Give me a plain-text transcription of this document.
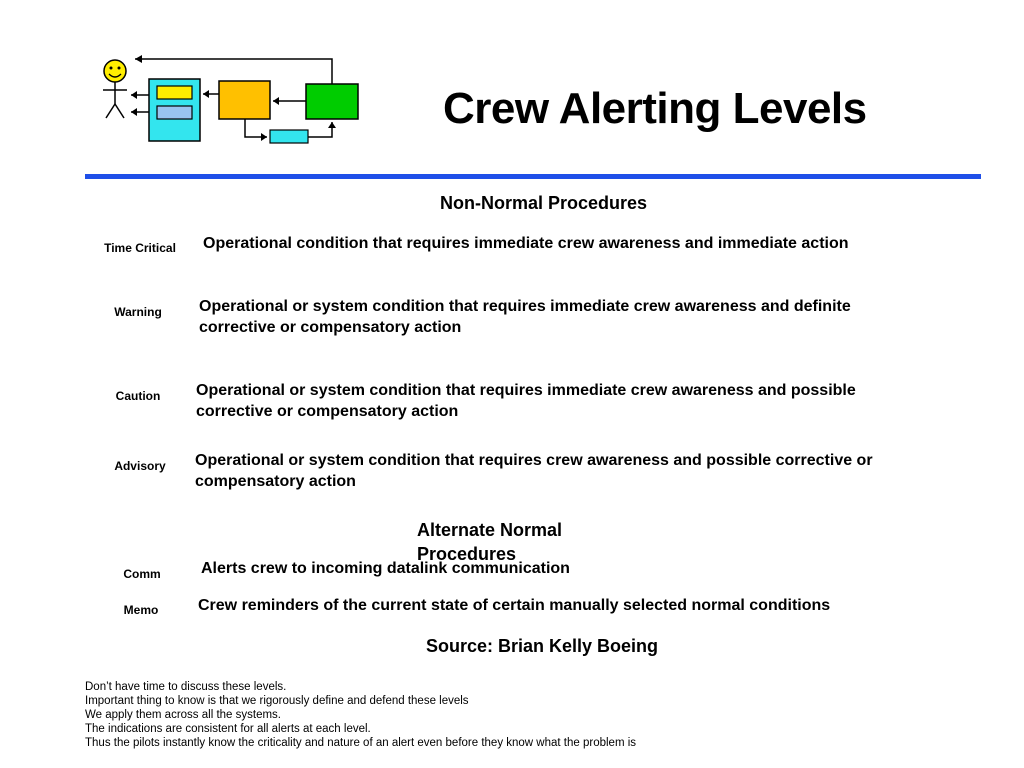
Crew Alerting Levels
Non-Normal Procedures
Time Critical	Operational condition that requires immediate crew awareness and immediate action
Warning	Operational or system condition that requires immediate crew awareness and definite
corrective or compensatory action
Caution	Operational or system condition that requires immediate crew awareness and possible
corrective or compensatory action
Advisory	Operational or system condition that requires crew awareness and possible corrective or
compensatory action
Alternate Normal
Procedures
Comm	Alerts crew to incoming datalink communication
Memo	Crew reminders of the current state of certain manually selected normal conditions
Source: Brian Kelly Boeing
Don’t have time to discuss these levels.
Important thing to know is that we rigorously define and defend these levels
We apply them across all the systems.
The indications are consistent for all alerts at each level.
Thus the pilots instantly know the criticality and nature of an alert even before they know what the problem is
